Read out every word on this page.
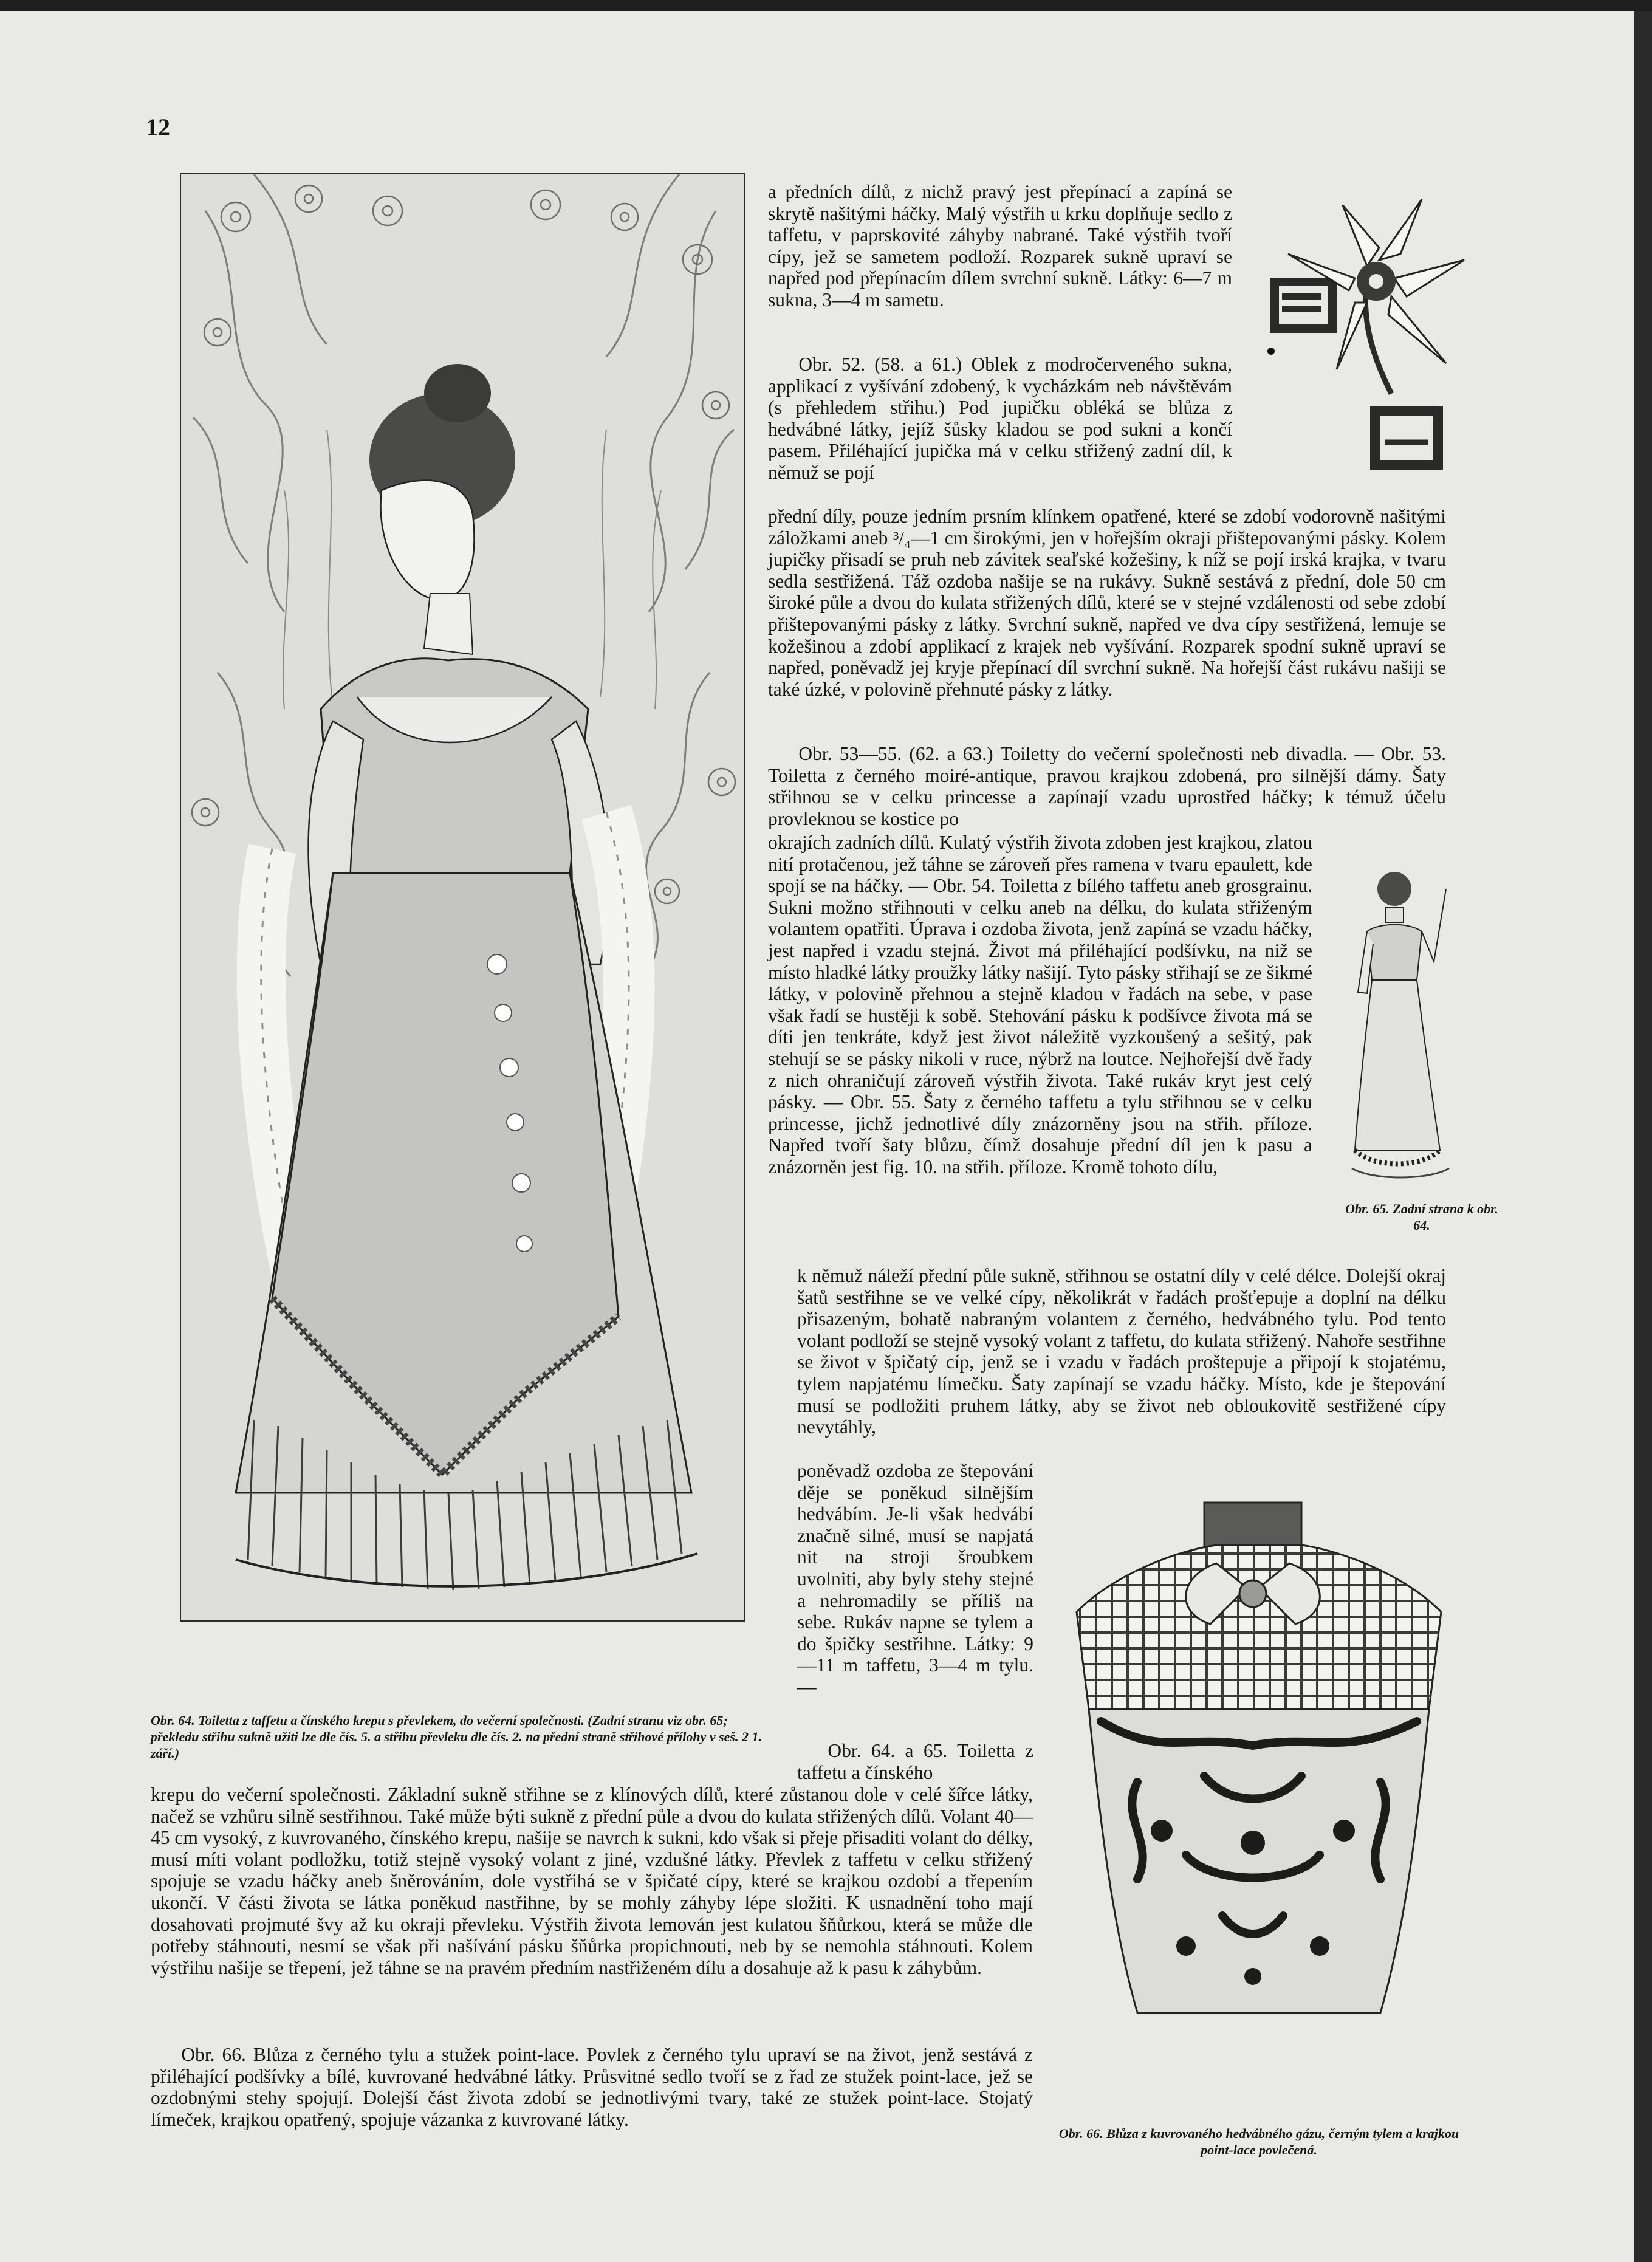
12

Obr. 64. Toiletta z taffetu a čínského krepu s převlekem, do večerní společnosti. (Zadní stranu viz obr. 65; překledu střihu sukně užiti lze dle čís. 5. a střihu převleku dle čís. 2. na přední straně střihové přílohy v seš. 2 1. září.)

a předních dílů, z nichž pravý jest přepínací a zapíná se skrytě našitými háčky. Malý výstřih u krku doplňuje sedlo z taffetu, v paprskovité záhyby nabrané. Také výstřih tvoří cípy, jež se sametem podloží. Rozparek sukně upraví se napřed pod přepínacím dílem svrchní sukně. Látky: 6—7 m sukna, 3—4 m sametu.

Obr. 52. (58. a 61.) Oblek z modročerveného sukna, applikací z vyšívání zdobený, k vycházkám neb návštěvám (s přehledem střihu.) Pod jupičku obléká se blůza z hedvábné látky, jejíž šůsky kladou se pod sukni a končí pasem. Přiléhající jupička má v celku střižený zadní díl, k němuž se pojí

přední díly, pouze jedním prsním klínkem opatřené, které se zdobí vodorovně našitými záložkami aneb ³/₄—1 cm širokými, jen v hořejším okraji přištepovanými pásky. Kolem jupičky přisadí se pruh neb závitek seaľské kožešiny, k níž se pojí irská krajka, v tvaru sedla sestřižená. Táž ozdoba našije se na rukávy. Sukně sestává z přední, dole 50 cm široké půle a dvou do kulata střižených dílů, které se v stejné vzdálenosti od sebe zdobí přištepovanými pásky z látky. Svrchní sukně, napřed ve dva cípy sestřižená, lemuje se kožešinou a zdobí applikací z krajek neb vyšívání. Rozparek spodní sukně upraví se napřed, poněvadž jej kryje přepínací díl svrchní sukně. Na hořejší část rukávu našiji se také úzké, v polovině přehnuté pásky z látky.

Obr. 53—55. (62. a 63.) Toiletty do večerní společnosti neb divadla. — Obr. 53. Toiletta z černého moiré-antique, pravou krajkou zdobená, pro silnější dámy. Šaty střihnou se v celku princesse a zapínají vzadu uprostřed háčky; k témuž účelu provleknou se kostice po

okrajích zadních dílů. Kulatý výstřih života zdoben jest krajkou, zlatou nití protačenou, jež táhne se zároveň přes ramena v tvaru epaulett, kde spojí se na háčky. — Obr. 54. Toiletta z bílého taffetu aneb grosgrainu. Sukni možno střihnouti v celku aneb na délku, do kulata střiženým volantem opatřiti. Úprava i ozdoba života, jenž zapíná se vzadu háčky, jest napřed i vzadu stejná. Život má přiléhající podšívku, na niž se místo hladké látky proužky látky našijí. Tyto pásky střihají se ze šikmé látky, v polovině přehnou a stejně kladou v řadách na sebe, v pase však řadí se hustěji k sobě. Stehování pásku k podšívce života má se díti jen tenkráte, když jest život náležitě vyzkoušený a sešitý, pak stehují se se pásky nikoli v ruce, nýbrž na loutce. Nejhořejší dvě řady z nich ohraničují zároveň výstřih života. Také rukáv kryt jest celý pásky. — Obr. 55. Šaty z černého taffetu a tylu střihnou se v celku princesse, jichž jednotlivé díly znázorněny jsou na střih. příloze. Napřed tvoří šaty blůzu, čímž dosahuje přední díl jen k pasu a znázorněn jest fig. 10. na střih. příloze. Kromě tohoto dílu,

Obr. 65. Zadní strana k obr. 64.

k němuž náleží přední půle sukně, střihnou se ostatní díly v celé délce. Dolejší okraj šatů sestřihne se ve velké cípy, několikrát v řadách prošťepuje a doplní na délku přisazeným, bohatě nabraným volantem z černého, hedvábného tylu. Pod tento volant podloží se stejně vysoký volant z taffetu, do kulata střižený. Nahoře sestřihne se život v špičatý cíp, jenž se i vzadu v řadách proštepuje a připojí k stojatému, tylem napjatému límečku. Šaty zapínají se vzadu háčky. Místo, kde je štepování musí se podložiti pruhem látky, aby se život neb obloukovitě sestřižené cípy nevytáhly,

poněvadž ozdoba ze štepování děje se poněkud silnějším hedvábím. Je-li však hedvábí značně silné, musí se napjatá nit na stroji šroubkem uvolniti, aby byly stehy stejné a nehromadily se příliš na sebe. Rukáv napne se tylem a do špičky sestřihne. Látky: 9—11 m taffetu, 3—4 m tylu. —

Obr. 64. a 65. Toiletta z taffetu a čínského

Obr. 66. Blůza z kuvrovaného hedvábného gázu, černým tylem a krajkou point-lace povlečená.

krepu do večerní společnosti. Základní sukně střihne se z klínových dílů, které zůstanou dole v celé šířce látky, načež se vzhůru silně sestřihnou. Také může býti sukně z přední půle a dvou do kulata střižených dílů. Volant 40—45 cm vysoký, z kuvrovaného, čínského krepu, našije se navrch k sukni, kdo však si přeje přisaditi volant do délky, musí míti volant podložku, totiž stejně vysoký volant z jiné, vzdušné látky. Převlek z taffetu v celku střižený spojuje se vzadu háčky aneb šněrováním, dole vystřihá se v špičaté cípy, které se krajkou ozdobí a třepením ukončí. V části života se látka poněkud nastřihne, by se mohly záhyby lépe složiti. K usnadnění toho mají dosahovati projmuté švy až ku okraji převleku. Výstřih života lemován jest kulatou šňůrkou, která se může dle potřeby stáhnouti, nesmí se však při našívání pásku šňůrka propichnouti, neb by se nemohla stáhnouti. Kolem výstřihu našije se třepení, jež táhne se na pravém předním nastřiženém dílu a dosahuje až k pasu k záhybům.

Obr. 66. Blůza z černého tylu a stužek point-lace. Povlek z černého tylu upraví se na život, jenž sestává z přiléhající podšívky a bílé, kuvrované hedvábné látky. Průsvitné sedlo tvoří se z řad ze stužek point-lace, jež se ozdobnými stehy spojují. Dolejší část života zdobí se jednotlivými tvary, také ze stužek point-lace. Stojatý límeček, krajkou opatřený, spojuje vázanka z kuvrované látky.
